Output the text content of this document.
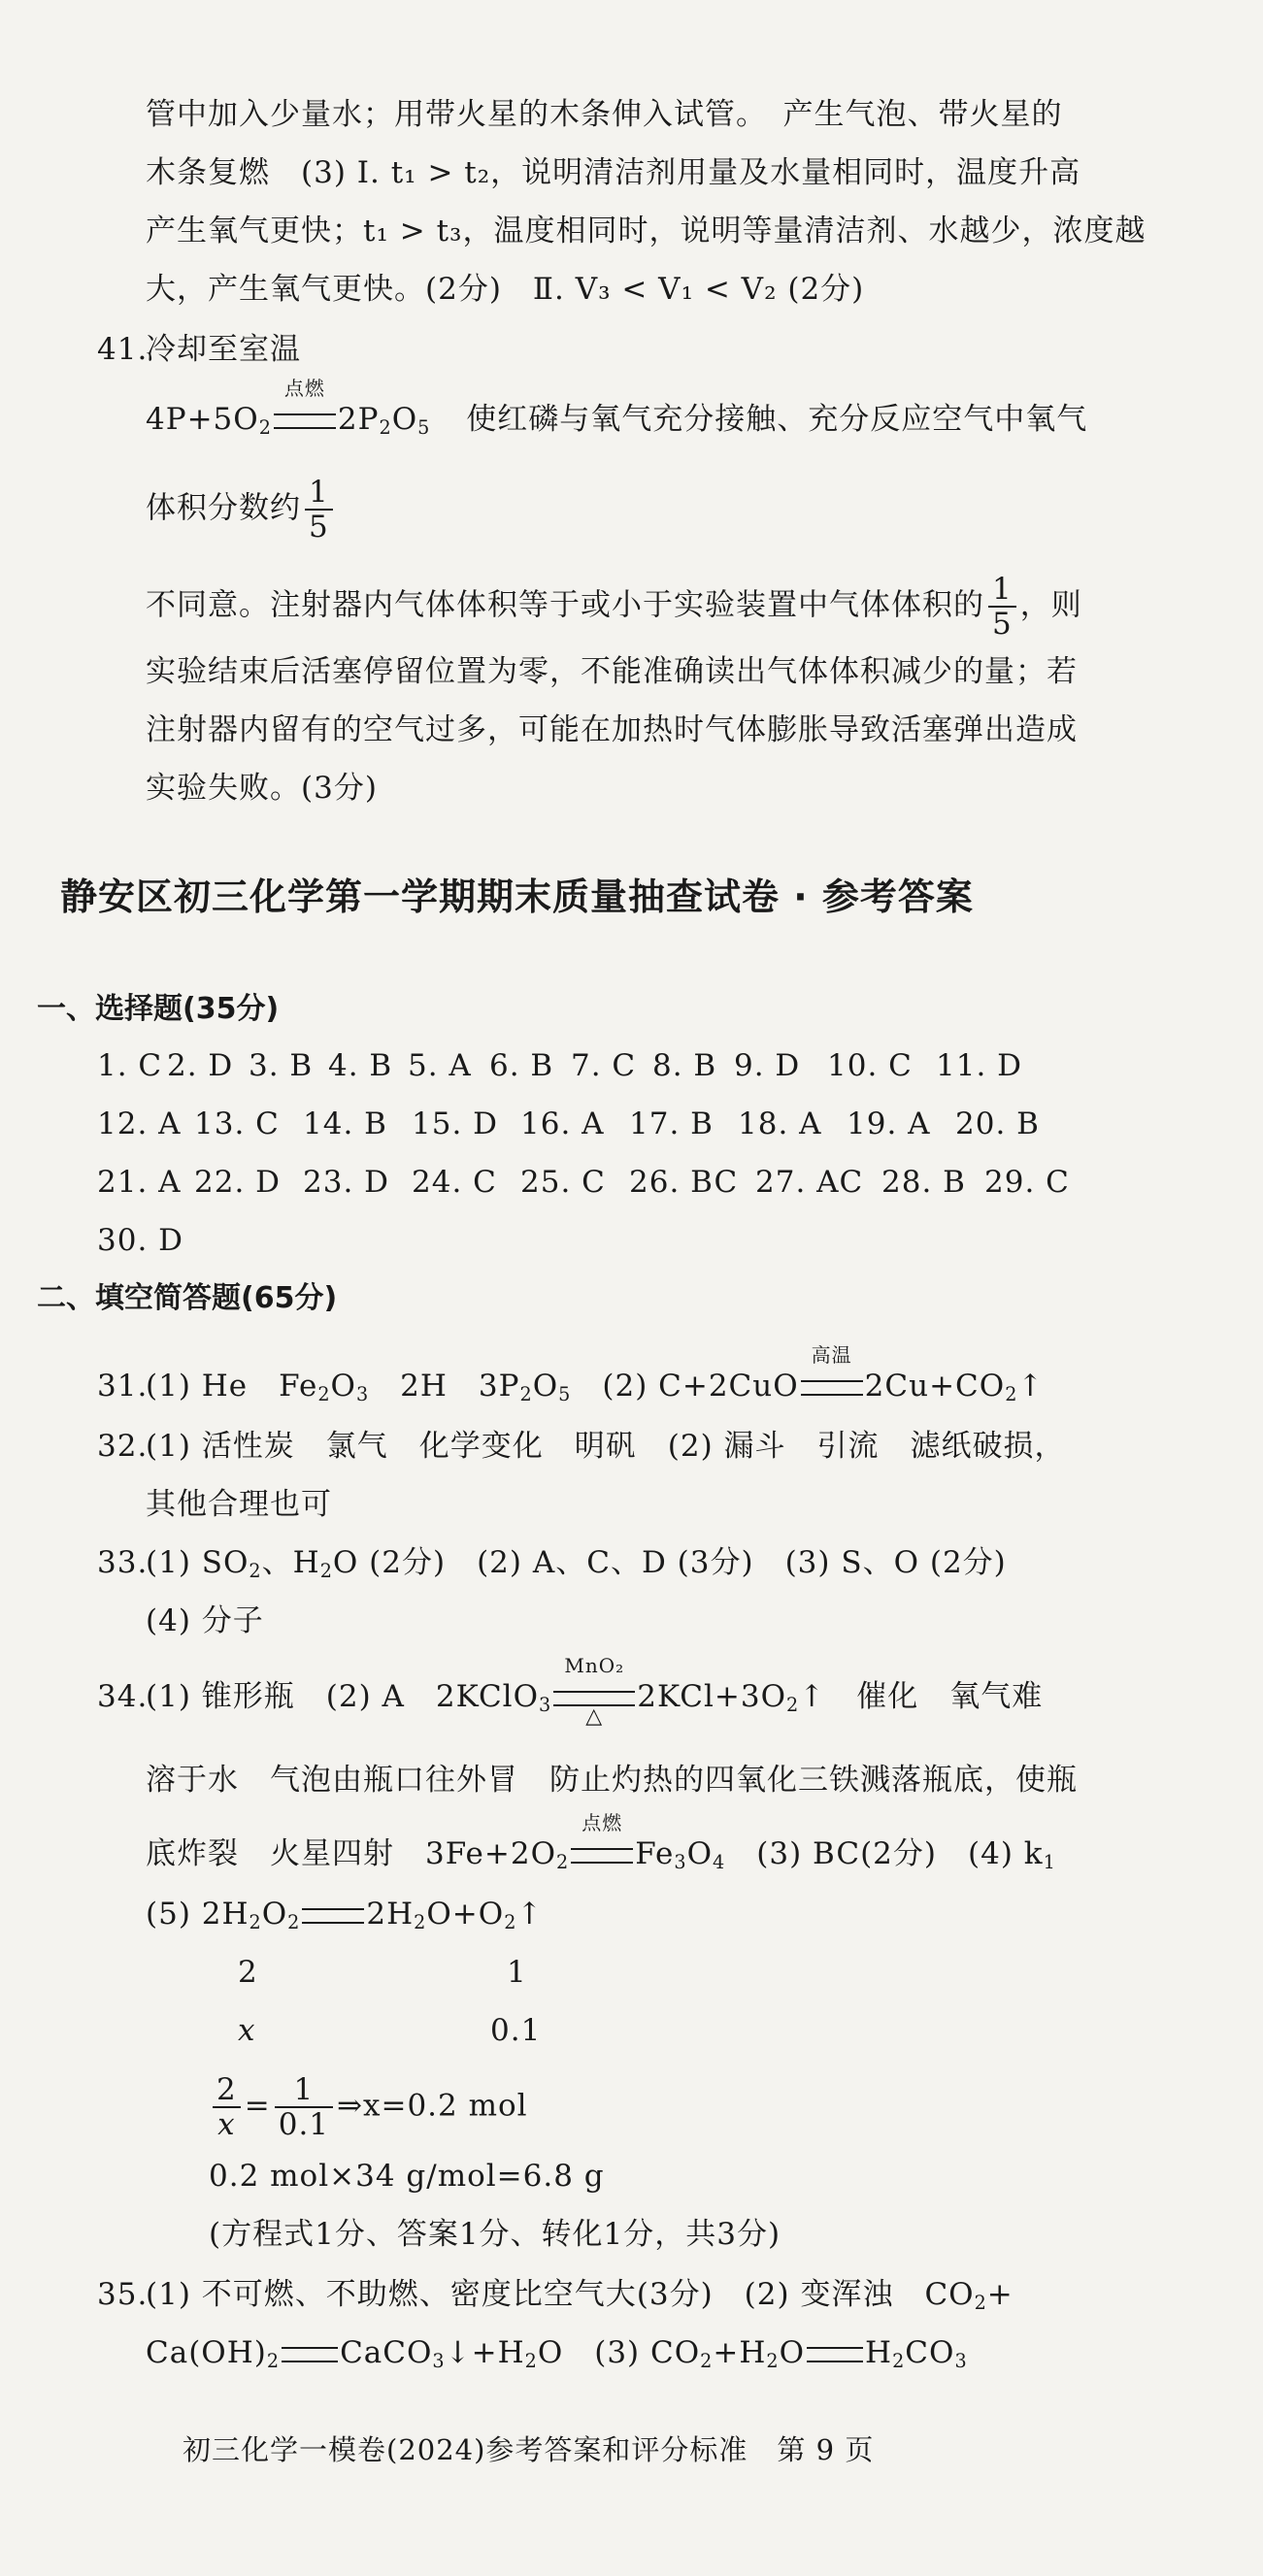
管中加入少量水；用带火星的木条伸入试管。　产生气泡、带火星的
木条复燃　(3) Ⅰ. t₁ > t₂，说明清洁剂用量及水量相同时，温度升高
产生氧气更快；t₁ > t₃，温度相同时，说明等量清洁剂、水越少，浓度越
大，产生氧气更快。(2分)　Ⅱ. V₃ < V₁ < V₂ (2分)
41.
冷却至室温
$4P+5O_2$
点燃
$2P_2O_5$ 使红磷与氧气充分接触、充分反应空气中氧气
体积分数约 $\frac{1}{5}$
不同意。注射器内气体体积等于或小于实验装置中气体体积的 $\frac{1}{5}$ ，则
实验结束后活塞停留位置为零，不能准确读出气体体积减少的量；若
注射器内留有的空气过多，可能在加热时气体膨胀导致活塞弹出造成
实验失败。(3分)
静安区初三化学第一学期期末质量抽查试卷 · 参考答案
一、选择题(35分)
1. C 2. D 3. B 4. B 5. A 6. B 7. C 8. B 9. D 10. C 11. D
12. A 13. C 14. B 15. D 16. A 17. B 18. A 19. A 20. B
21. A 22. D 23. D 24. C 25. C 26. BC 27. AC 28. B 29. C
30. D
二、填空简答题(65分)
31.
(1) He　$Fe_2O_3$　 2H　$3P_2O_5$　 (2) C+2CuO
高温
$2Cu+CO_2↑$
32.
(1) 活性炭　氯气　化学变化　明矾　(2) 漏斗　引流　滤纸破损，
其他合理也可
33.
(1) $SO_2$、$H_2O$ (2分)　(2) A、C、D (3分)　(3) S、O (2分)
(4) 分子
34.
(1) 锥形瓶　(2) A　2KClO$_3$
MnO₂
△
$2KCl+3O_2↑$　催化　氧气难
溶于水　气泡由瓶口往外冒　防止灼热的四氧化三铁溅落瓶底，使瓶
底炸裂　火星四射　$3Fe+2O_2$
点燃
$Fe_3O_4$　 (3) BC(2分)　(4) $k_1$
(5) $2H_2O_2$ $2H_2O+O_2↑$
2	1
x	0.1
$\frac{2}{x} = \frac{1}{0.1}$ ⇒x=0.2 mol
0.2 mol×34 g/mol=6.8 g
(方程式1分、答案1分、转化1分，共3分)
35.
(1) 不可燃、不助燃、密度比空气大(3分)　(2) 变浑浊　$CO_2+$
$Ca(OH)_2$ $CaCO_3↓+H_2O$　(3) $CO_2+H_2O$ $H_2CO_3$
初三化学一模卷(2024)参考答案和评分标准　第 9 页
